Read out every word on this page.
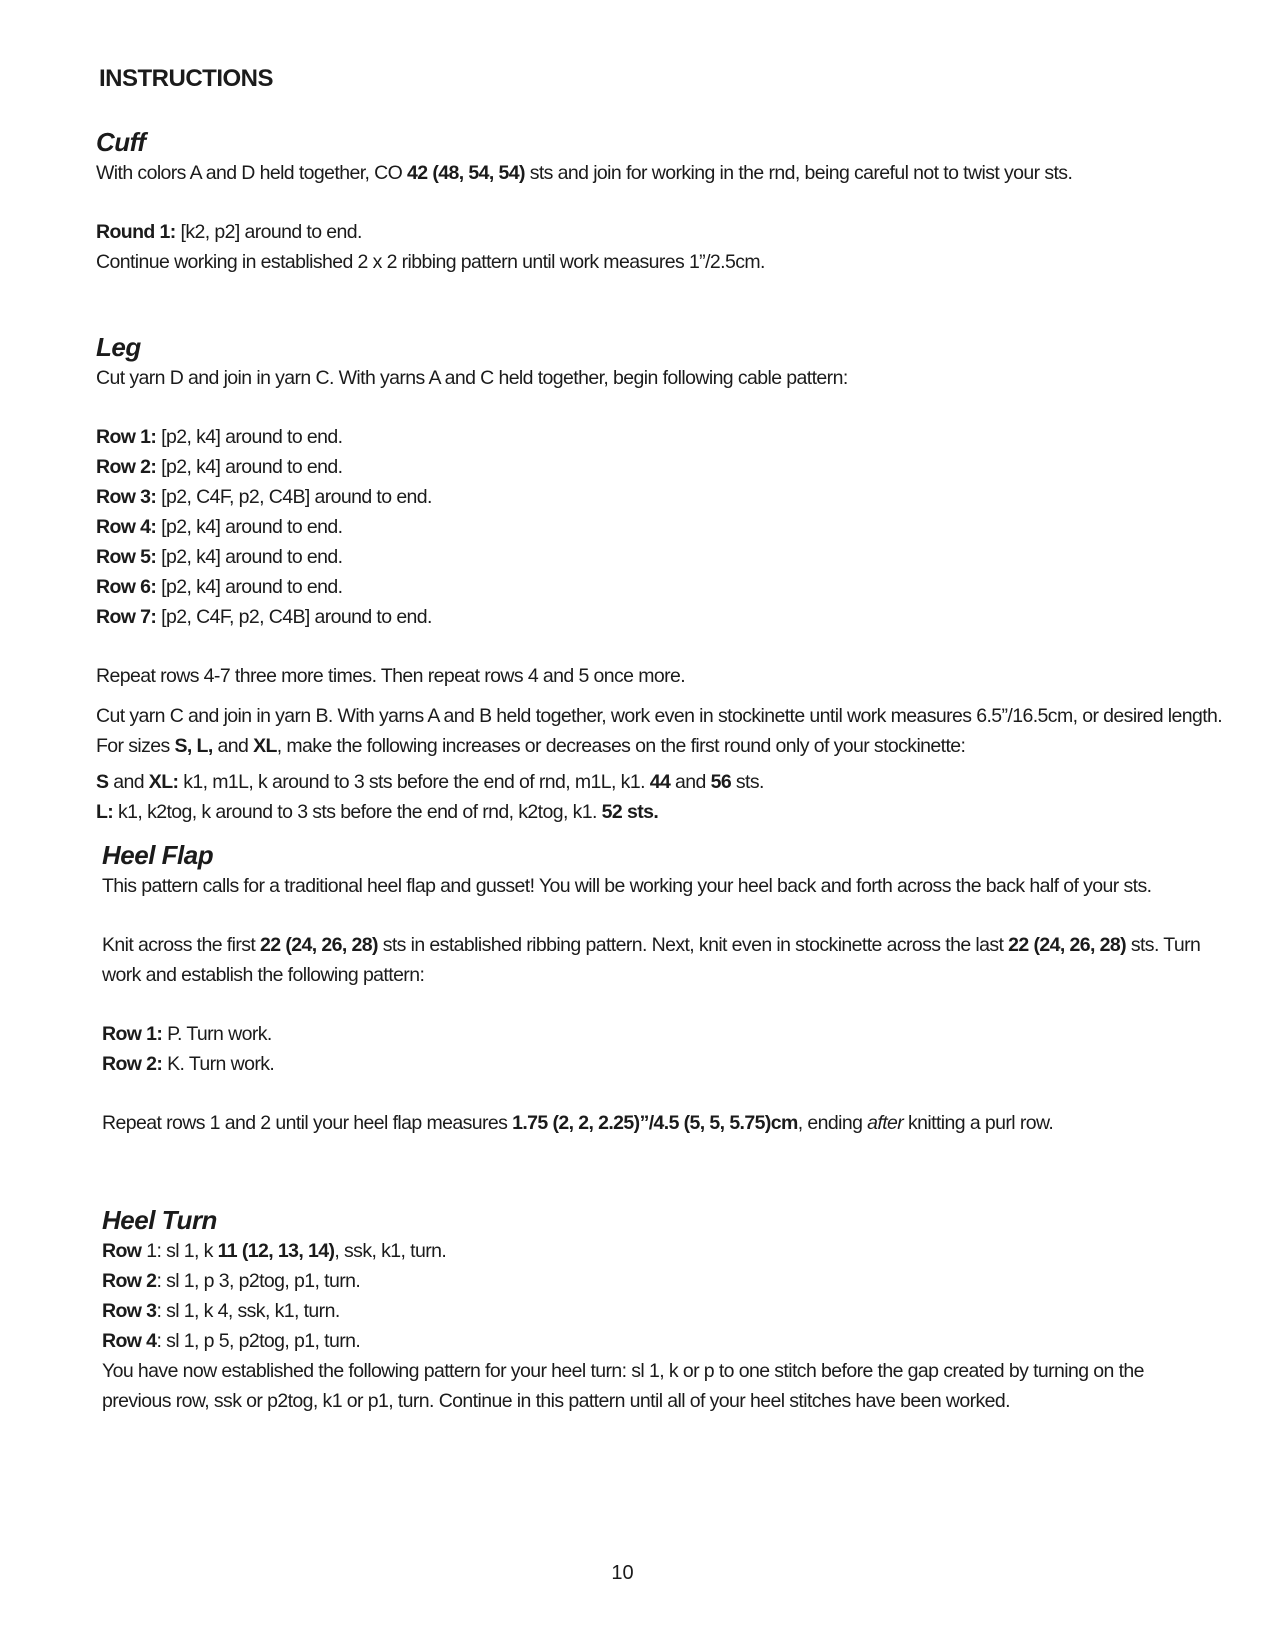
INSTRUCTIONS
Cuff

With colors A and D held together, CO 42 (48, 54, 54) sts and join for working in the rnd, being careful not to twist your sts.

Round 1: [k2, p2] around to end.

Continue working in established 2 x 2 ribbing pattern until work measures 1”/2.5cm.

Leg

Cut yarn D and join in yarn C. With yarns A and C held together, begin following cable pattern:

Row 1: [p2, k4] around to end.

Row 2: [p2, k4] around to end.

Row 3: [p2, C4F, p2, C4B] around to end.

Row 4: [p2, k4] around to end.

Row 5: [p2, k4] around to end.

Row 6: [p2, k4] around to end.

Row 7: [p2, C4F, p2, C4B] around to end.

Repeat rows 4-7 three more times. Then repeat rows 4 and 5 once more.

Cut yarn C and join in yarn B. With yarns A and B held together, work even in stockinette until work measures 6.5”/16.5cm, or desired length. For sizes S, L, and XL, make the following increases or decreases on the first round only of your stockinette:

S and XL: k1, m1L, k around to 3 sts before the end of rnd, m1L, k1. 44 and 56 sts.

L: k1, k2tog, k around to 3 sts before the end of rnd, k2tog, k1. 52 sts.

Heel Flap

This pattern calls for a traditional heel flap and gusset! You will be working your heel back and forth across the back half of your sts.

Knit across the first 22 (24, 26, 28) sts in established ribbing pattern. Next, knit even in stockinette across the last 22 (24, 26, 28) sts. Turn work and establish the following pattern:

Row 1: P. Turn work.

Row 2: K. Turn work.

Repeat rows 1 and 2 until your heel flap measures 1.75 (2, 2, 2.25)”/4.5 (5, 5, 5.75)cm, ending after knitting a purl row.

Heel Turn

Row 1: sl 1, k 11 (12, 13, 14), ssk, k1, turn.

Row 2: sl 1, p 3, p2tog, p1, turn.

Row 3: sl 1, k 4, ssk, k1, turn.

Row 4: sl 1, p 5, p2tog, p1, turn.

You have now established the following pattern for your heel turn: sl 1, k or p to one stitch before the gap created by turning on the previous row, ssk or p2tog, k1 or p1, turn. Continue in this pattern until all of your heel stitches have been worked.

10
